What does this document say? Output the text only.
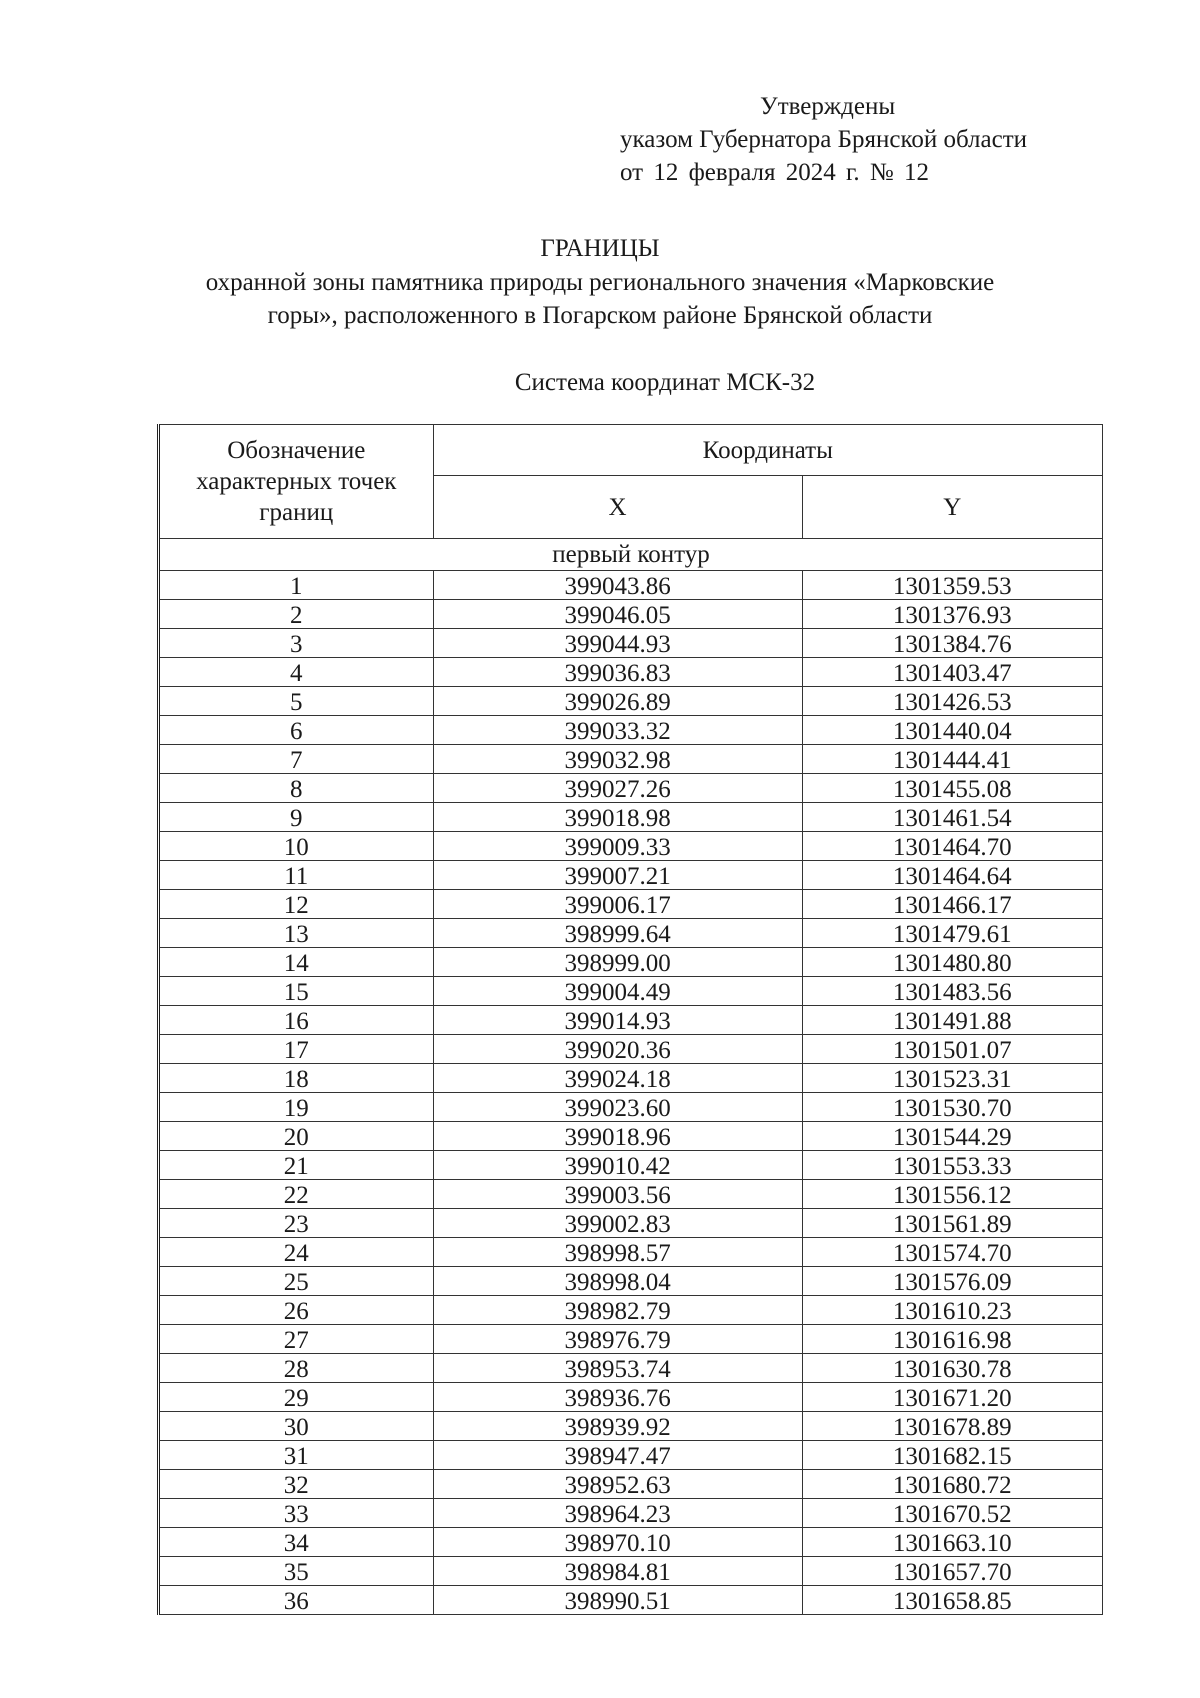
Утверждены
указом Губернатора Брянской области
от 12 февраля 2024 г. № 12
ГРАНИЦЫ
охранной зоны памятника природы регионального значения «Марковские
горы», расположенного в Погарском районе Брянской области
Система координат МСК-32
Обозначение характерных точек границ	Координаты	
	X	Y
первый контур		
1	399043.86	1301359.53
2	399046.05	1301376.93
3	399044.93	1301384.76
4	399036.83	1301403.47
5	399026.89	1301426.53
6	399033.32	1301440.04
7	399032.98	1301444.41
8	399027.26	1301455.08
9	399018.98	1301461.54
10	399009.33	1301464.70
11	399007.21	1301464.64
12	399006.17	1301466.17
13	398999.64	1301479.61
14	398999.00	1301480.80
15	399004.49	1301483.56
16	399014.93	1301491.88
17	399020.36	1301501.07
18	399024.18	1301523.31
19	399023.60	1301530.70
20	399018.96	1301544.29
21	399010.42	1301553.33
22	399003.56	1301556.12
23	399002.83	1301561.89
24	398998.57	1301574.70
25	398998.04	1301576.09
26	398982.79	1301610.23
27	398976.79	1301616.98
28	398953.74	1301630.78
29	398936.76	1301671.20
30	398939.92	1301678.89
31	398947.47	1301682.15
32	398952.63	1301680.72
33	398964.23	1301670.52
34	398970.10	1301663.10
35	398984.81	1301657.70
36	398990.51	1301658.85
